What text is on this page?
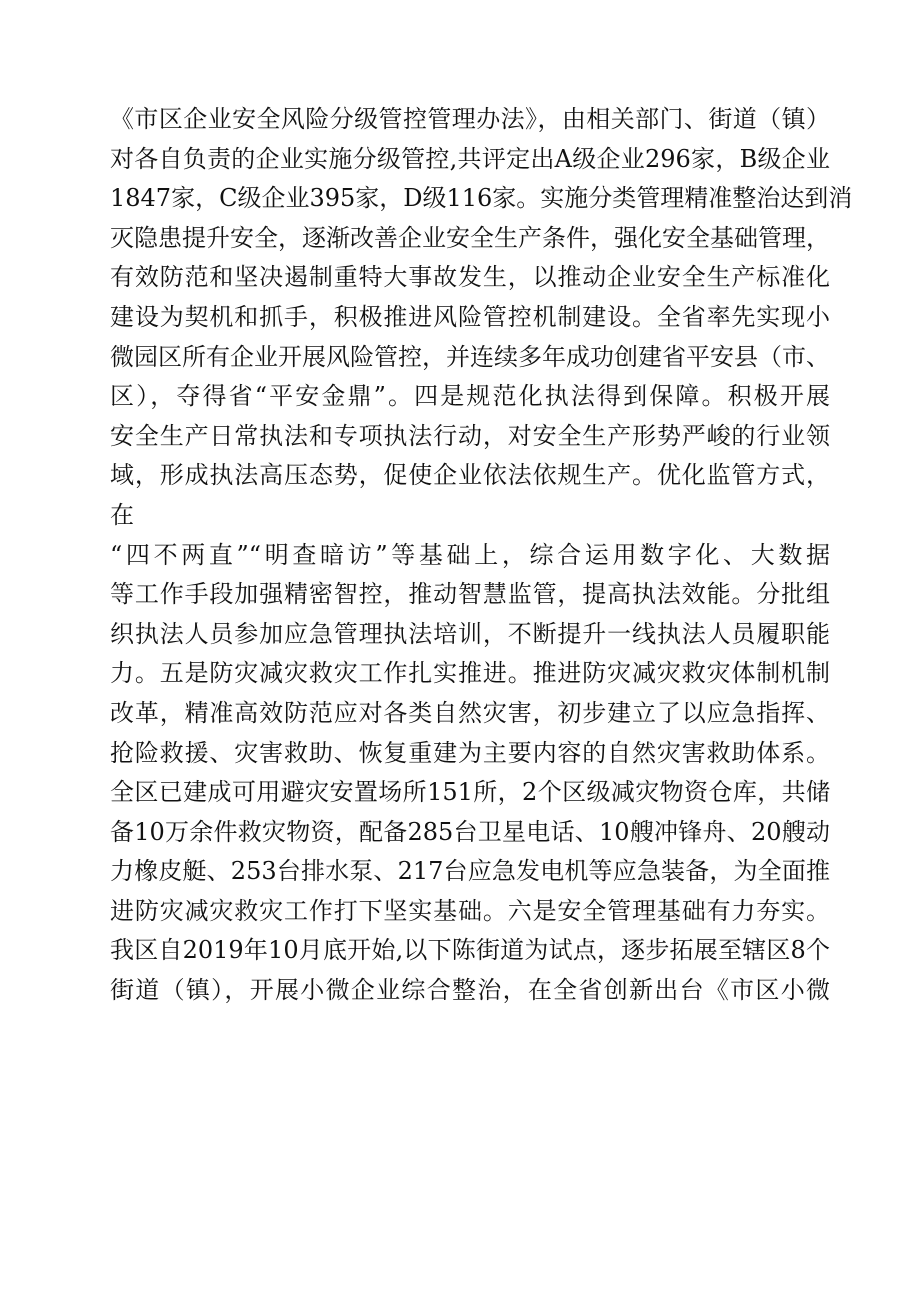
《市区企业安全风险分级管控管理办法》，由相关部门、街道（镇）
对各自负责的企业实施分级管控,共评定出A级企业296家，B级企业
1847家，C级企业395家，D级116家。实施分类管理精准整治达到消
灭隐患提升安全，逐渐改善企业安全生产条件，强化安全基础管理，
有效防范和坚决遏制重特大事故发生，以推动企业安全生产标准化
建设为契机和抓手，积极推进风险管控机制建设。全省率先实现小
微园区所有企业开展风险管控，并连续多年成功创建省平安县（市、
区），夺得省“平安金鼎”。四是规范化执法得到保障。积极开展
安全生产日常执法和专项执法行动，对安全生产形势严峻的行业领
域，形成执法高压态势，促使企业依法依规生产。优化监管方式，
在
“四不两直”“明查暗访”等基础上，综合运用数字化、大数据
等工作手段加强精密智控，推动智慧监管，提高执法效能。分批组
织执法人员参加应急管理执法培训，不断提升一线执法人员履职能
力。五是防灾减灾救灾工作扎实推进。推进防灾减灾救灾体制机制
改革，精准高效防范应对各类自然灾害，初步建立了以应急指挥、
抢险救援、灾害救助、恢复重建为主要内容的自然灾害救助体系。
全区已建成可用避灾安置场所151所，2个区级减灾物资仓库，共储
备10万余件救灾物资，配备285台卫星电话、10艘冲锋舟、20艘动
力橡皮艇、253台排水泵、217台应急发电机等应急装备，为全面推
进防灾减灾救灾工作打下坚实基础。六是安全管理基础有力夯实。
我区自2019年10月底开始,以下陈街道为试点，逐步拓展至辖区8个
街道（镇），开展小微企业综合整治，在全省创新出台《市区小微
